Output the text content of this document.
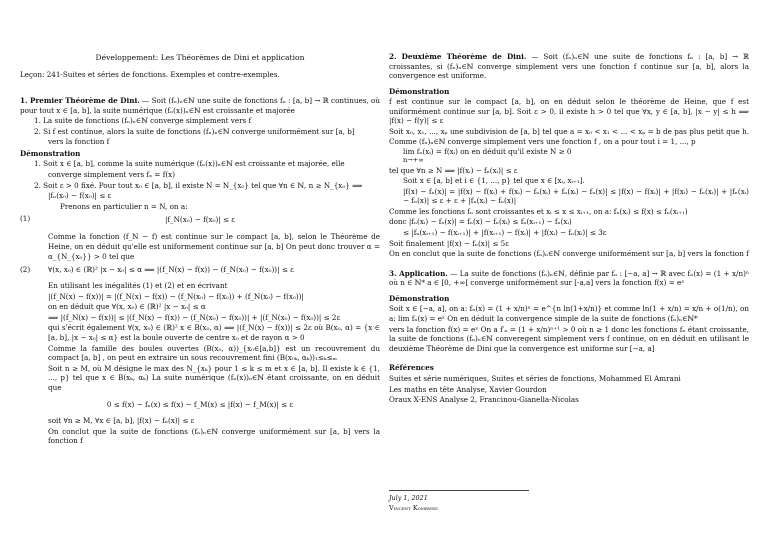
Développement: Les Théorèmes de Dini et application
Leçon: 241-Suites et séries de fonctions. Exemples et contre-exemples.

1. Premier Théorème de Dini. — Soit (fₙ)ₙ∈ℕ une suite de fonctions fₙ : [a, b] → ℝ continues, où pour tout x ∈ [a, b], la suite numérique (fₙ(x))ₙ∈ℕ est croissante et majorée

1. La suite de fonctions (fₙ)ₙ∈ℕ converge simplement vers f

2. Si f est continue, alors la suite de fonctions (fₙ)ₙ∈ℕ converge uniformément sur [a, b]

vers la fonction f

Démonstration

1. Soit x ∈ [a, b], comme la suite numérique (fₙ(x))ₙ∈ℕ est croissante et majorée, elle

converge simplement vers fₓ = f(x)

2. Soit ε > 0 fixé. Pour tout x₀ ∈ [a, b], il existe N = N_{x₀} tel que ∀n ∈ ℕ, n ≥ N_{x₀} ⟹

|fₙ(x₀) − f(x₀)| ≤ ε

Prenons en particulier n = N, on a:

(1)	|f_N(x₀) − f(x₀)| ≤ ε

Comme la fonction (f_N − f) est continue sur le compact [a, b], selon le Théorème de Heine, on en déduit qu'elle est uniformement continue sur [a, b] On peut donc trouver α = α_{N_{x₀}} > 0 tel que

(2)	∀(x, x₀) ∈ (ℝ)² |x − x₀| ≤ α ⟹ |(f_N(x) − f(x)) − (f_N(x₀) − f(x₀))| ≤ ε

En utilisant les inégalités (1) et (2) et en écrivant

|(f_N(x) − f(x))| = |(f_N(x) − f(x)) − (f_N(x₀) − f(x₀)) + (f_N(x₀) − f(x₀))|

on en déduit que ∀(x, x₀) ∈ (ℝ)² |x − x₀| ≤ α

⟹ |(f_N(x) − f(x))| ≤ |(f_N(x) − f(x)) − (f_N(x₀) − f(x₀))| + |(f_N(x₀) − f(x₀))| ≤ 2ε

qui s'écrit également ∀(x, x₀) ∈ (ℝ)² x ∈ B(x₀, α) ⟹ |(f_N(x) − f(x))| ≤ 2ε où B(x₀, α) = {x ∈ [a, b], |x − x₀| ≤ α} est la boule ouverte de centre x₀ et de rayon α > 0

Comme la famille des boules ouvertes (B(x₀, α))_{x₀∈[a,b]} est un recouvrement du compact [a, b] , on peut en extraire un sous recouvrement fini (B(x₀ₖ, αₖ))₁≤ₖ≤ₘ

Soit n ≥ M, où M désigne le max des N_{xₖ} pour 1 ≤ k ≤ m et x ∈ [a, b]. Il existe k ∈ {1, ..., p} tel que x ∈ B(xₖ, αₖ) La suite numérique (fₙ(x))ₙ∈ℕ étant croissante, on en déduit que

0 ≤ f(x) − fₙ(x) ≤ f(x) − f_M(x) ≤ |f(x) − f_M(x)| ≤ ε

soit ∀n ≥ M, ∀x ∈ [a, b], |f(x) − fₙ(x)| ≤ ε

On conclut que la suite de fonctions (fₙ)ₙ∈ℕ converge uniformément sur [a, b] vers la fonction f

2. Deuxième Théorème de Dini. — Soit (fₙ)ₙ∈ℕ une suite de fonctions fₙ : [a, b] → ℝ croissantes, si (fₙ)ₙ∈ℕ converge simplement vers une fonction f continue sur [a, b], alors la convergence est uniforme.

Démonstration

f est continue sur le compact [a, b], on en déduit selon le théorème de Heine, que f est uniformément continue sur [a, b]. Soit ε > 0, il existe h > 0 tel que ∀x, y ∈ [a, b], |x − y| ≤ h ⟹ |f(x) − f(y)| ≤ ε

Soit x₀, x₁, ..., xₚ une subdivision de [a, b] tel que a = x₀ < x₁ < ... < xₚ = b de pas plus petit que h. Comme (fₙ)ₙ∈ℕ converge simplement vers une fonction f , on a pour tout i = 1, ..., p

lim fₙ(xᵢ) = f(xᵢ) on en déduit qu'il existe N ≥ 0

n→+∞

tel que ∀n ≥ N ⟹ |f(xᵢ) − fₙ(xᵢ)| ≤ ε

Soit x ∈ [a, b] et i ∈ {1, ..., p} tel que x ∈ [xᵢ, xᵢ₊₁].

|f(x) − fₙ(x)| = |f(x) − f(xᵢ) + f(xᵢ) − fₙ(xᵢ) + fₙ(xᵢ) − fₙ(x)| ≤ |f(x) − f(xᵢ)| + |f(xᵢ) − fₙ(xᵢ)| + |fₙ(xᵢ) − fₙ(x)| ≤ ε + ε + |fₙ(xᵢ) − fₙ(x)|

Comme les fonctions fₙ sont croissantes et xᵢ ≤ x ≤ xᵢ₊₁, on a: fₙ(xᵢ) ≤ f(x) ≤ fₙ(xᵢ₊₁)

donc |fₙ(xᵢ) − fₙ(x)| = fₙ(x) − fₙ(xᵢ) ≤ fₙ(xᵢ₊₁) − fₙ(xᵢ)

≤ |fₙ(xᵢ₊₁) − f(xᵢ₊₁)| + |f(xᵢ₊₁) − f(xᵢ)| + |f(xᵢ) − fₙ(xᵢ)| ≤ 3ε

Soit finalement |f(x) − fₙ(x)| ≤ 5ε

On en conclut que la suite de fonctions (fₙ)ₙ∈ℕ converge uniformément sur [a, b] vers la fonction f

3. Application. — La suite de fonctions (fₙ)ₙ∈ℕ, définie par fₙ : [−a, a] → ℝ avec fₙ(x) = (1 + x/n)ⁿ où n ∈ ℕ* a ∈ [0, +∞[ converge uniformément sur [-a,a] vers la fonction f(x) = eˣ

Démonstration

Soit x ∈ [−a, a], on a: fₙ(x) = (1 + x/n)ⁿ = e^{n ln(1+x/n)} et comme ln(1 + x/n) = x/n + o(1/n), on a: lim fₙ(x) = eˣ On en déduit la convergence simple de la suite de fonctions (fₙ)ₙ∈ℕ*

vers la fonction f(x) = eˣ On a f′ₙ = (1 + x/n)ⁿ⁺¹ > 0 où n ≥ 1 donc les fonctions fₙ étant croissante, la suite de fonctions (fₙ)ₙ∈ℕ converegent simplement vers f continue, on en déduit en utilisant le deuxième Théorème de Dini que la convergence est uniforme sur [−a, a]

Références

Suites et série numériques, Suites et séries de fonctions, Mohammed El Amrani

Les maths en tête Analyse, Xavier Gourdon

Oraux X-ENS Analyse 2, Francinou-Gianella-Nicolas

July 1, 2021
Vincent Kombwes
